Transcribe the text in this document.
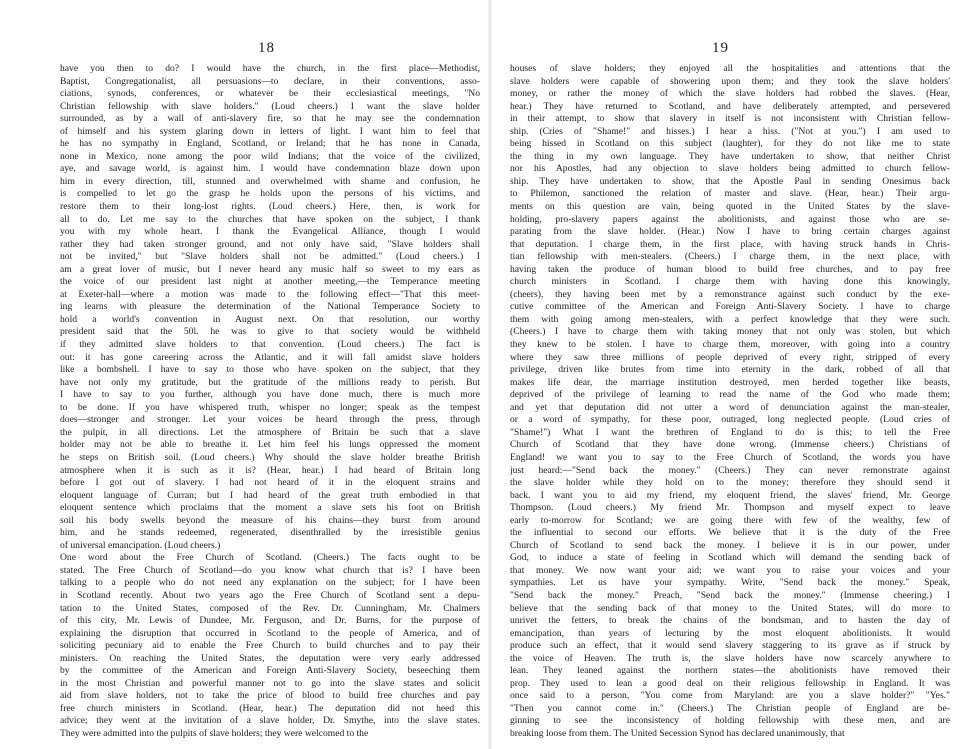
18
have you then to do? I would have the church, in the first place—Methodist,
Baptist, Congregationalist, all persuasions—to declare, in their conventions, asso-
ciations, synods, conferences, or whatever be their ecclesiastical meetings, "No
Christian fellowship with slave holders." (Loud cheers.) I want the slave holder
surrounded, as by a wall of anti-slavery fire, so that he may see the condemnation
of himself and his system glaring down in letters of light. I want him to feel that
he has no sympathy in England, Scotland, or Ireland; that he has none in Canada,
none in Mexico, none among the poor wild Indians; that the voice of the civilized,
aye, and savage world, is against him. I would have condemnation blaze down upon
him in every direction, till, stunned and overwhelmed with shame and confusion, he
is compelled to let go the grasp he holds upon the persons of his victims, and
restore them to their long-lost rights. (Loud cheers.) Here, then, is work for
all to do. Let me say to the churches that have spoken on the subject, I thank
you with my whole heart. I thank the Evangelical Alliance, though I would
rather they had taken stronger ground, and not only have said, "Slave holders shall
not be invited," but "Slave holders shall not be admitted." (Loud cheers.) I
am a great lover of music, but I never heard any music half so sweet to my ears as
the voice of our president last night at another meeting,—the Temperance meeting
at Exeter-hall—where a motion was made to the following effect—"That this meet-
ing learns with pleasure the determination of the National Temperance Society to
hold a world's convention in August next. On that resolution, our worthy
president said that the 50l. he was to give to that society would be withheld
if they admitted slave holders to that convention. (Loud cheers.) The fact is
out: it has gone careering across the Atlantic, and it will fall amidst slave holders
like a bombshell. I have to say to those who have spoken on the subject, that they
have not only my gratitude, but the gratitude of the millions ready to perish. But
I have to say to you further, although you have done much, there is much more
to be done. If you have whispered truth, whisper no longer; speak as the tempest
does—stronger and stronger. Let your voices be heard through the press, through
the pulpit, in all directions. Let the atmosphere of Britain be such that a slave
holder may not be able to breathe it. Let him feel his lungs oppressed the moment
he steps on British soil. (Loud cheers.) Why should the slave holder breathe British
atmosphere when it is such as it is? (Hear, hear.) I had heard of Britain long
before I got out of slavery. I had not heard of it in the eloquent strains and
eloquent language of Curran; but I had heard of the great truth embodied in that
eloquent sentence which proclaims that the moment a slave sets his foot on British
soil his body swells beyond the measure of his chains—they burst from around
him, and he stands redeemed, regenerated, disenthralled by the irresistible genius
of universal emancipation. (Loud cheers.)
One word about the Free Church of Scotland. (Cheers.) The facts ought to be
stated. The Free Church of Scotland—do you know what church that is? I have been
talking to a people who do not need any explanation on the subject; for I have been
in Scotland recently. About two years ago the Free Church of Scotland sent a depu-
tation to the United States, composed of the Rev. Dr. Cunningham, Mr. Chalmers
of this city, Mr. Lewis of Dundee, Mr. Ferguson, and Dr. Burns, for the purpose of
explaining the disruption that occurred in Scotland to the people of America, and of
soliciting pecuniary aid to enable the Free Church to build churches and to pay their
ministers. On reaching the United States, the deputation were very early addressed
by the committee of the American and Foreign Anti-Slavery Society, beseeching them
in the most Christian and powerful manner not to go into the slave states and solicit
aid from slave holders, not to take the price of blood to build free churches and pay
free church ministers in Scotland. (Hear, hear.) The deputation did not heed this
advice; they went at the invitation of a slave holder, Dr. Smythe, into the slave states.
They were admitted into the pulpits of slave holders; they were welcomed to the
19
houses of slave holders; they enjoyed all the hospitalities and attentions that the
slave holders were capable of showering upon them; and they took the slave holders'
money, or rather the money of which the slave holders had robbed the slaves. (Hear,
hear.) They have returned to Scotland, and have deliberately attempted, and persevered
in their attempt, to show that slavery in itself is not inconsistent with Christian fellow-
ship. (Cries of "Shame!" and hisses.) I hear a hiss. ("Not at you.") I am used to
being hissed in Scotland on this subject (laughter), for they do not like me to state
the thing in my own language. They have undertaken to show, that neither Christ
nor his Apostles, had any objection to slave holders being admitted to church fellow-
ship. They have undertaken to show, that the Apostle Paul in sending Onesimus back
to Philemon, sanctioned the relation of master and slave. (Hear, hear.) Their argu-
ments on this question are vain, being quoted in the United States by the slave-
holding, pro-slavery papers against the abolitionists, and against those who are se-
parating from the slave holder. (Hear.) Now I have to bring certain charges against
that deputation. I charge them, in the first place, with having struck hands in Chris-
tian fellowship with men-stealers. (Cheers.) I charge them, in the next place, with
having taken the produce of human blood to build free churches, and to pay free
church ministers in Scotland. I charge them with having done this knowingly,
(cheers), they having been met by a remonstrance against such conduct by the exe-
cutive committee of the American and Foreign Anti-Slavery Society. I have to charge
them with going among men-stealers, with a perfect knowledge that they were such.
(Cheers.) I have to charge them with taking money that not only was stolen, but which
they knew to be stolen. I have to charge them, moreover, with going into a country
where they saw three millions of people deprived of every right, stripped of every
privilege, driven like brutes from time into eternity in the dark, robbed of all that
makes life dear, the marriage institution destroyed, men herded together like beasts,
deprived of the privilege of learning to read the name of the God who made them;
and yet that deputation did not utter a word of denunciation against the man-stealer,
or a word of sympathy, for these poor, outraged, long neglected people. (Loud cries of
"Shame!") What I want the brethren of England to do is this; to tell the Free
Church of Scotland that they have done wrong. (Immense cheers.) Christians of
England! we want you to say to the Free Church of Scotland, the words you have
just heard:—"Send back the money." (Cheers.) They can never remonstrate against
the slave holder while they hold on to the money; therefore they should send it
back. I want you to aid my friend, my eloquent friend, the slaves' friend, Mr. George
Thompson. (Loud cheers.) My friend Mr. Thompson and myself expect to leave
early to-morrow for Scotland; we are going there with few of the wealthy, few of
the influential to second our efforts. We believe that it is the duty of the Free
Church of Scotland to send back the money. I believe it is in our power, under
God, to induce a state of feeling in Scotland which will demand the sending back of
that money. We now want your aid; we want you to raise your voices and your
sympathies. Let us have your sympathy. Write, "Send back the money." Speak,
"Send back the money." Preach, "Send back the money." (Immense cheering.) I
believe that the sending back of that money to the United States, will do more to
unrivet the fetters, to break the chains of the bondsman, and to hasten the day of
emancipation, than years of lecturing by the most eloquent abolitionists. It would
produce such an effect, that it would send slavery staggering to its grave as if struck by
the voice of Heaven. The truth is, the slave holders have now scarcely anywhere to
lean. They leaned against the northern states—the abolitionists have removed their
prop. They used to lean a good deal on their religious fellowship in England. It was
once said to a person, "You come from Maryland: are you a slave holder?" "Yes."
"Then you cannot come in." (Cheers.) The Christian people of England are be-
ginning to see the inconsistency of holding fellowship with these men, and are
breaking loose from them. The United Secession Synod has declared unanimously, that
